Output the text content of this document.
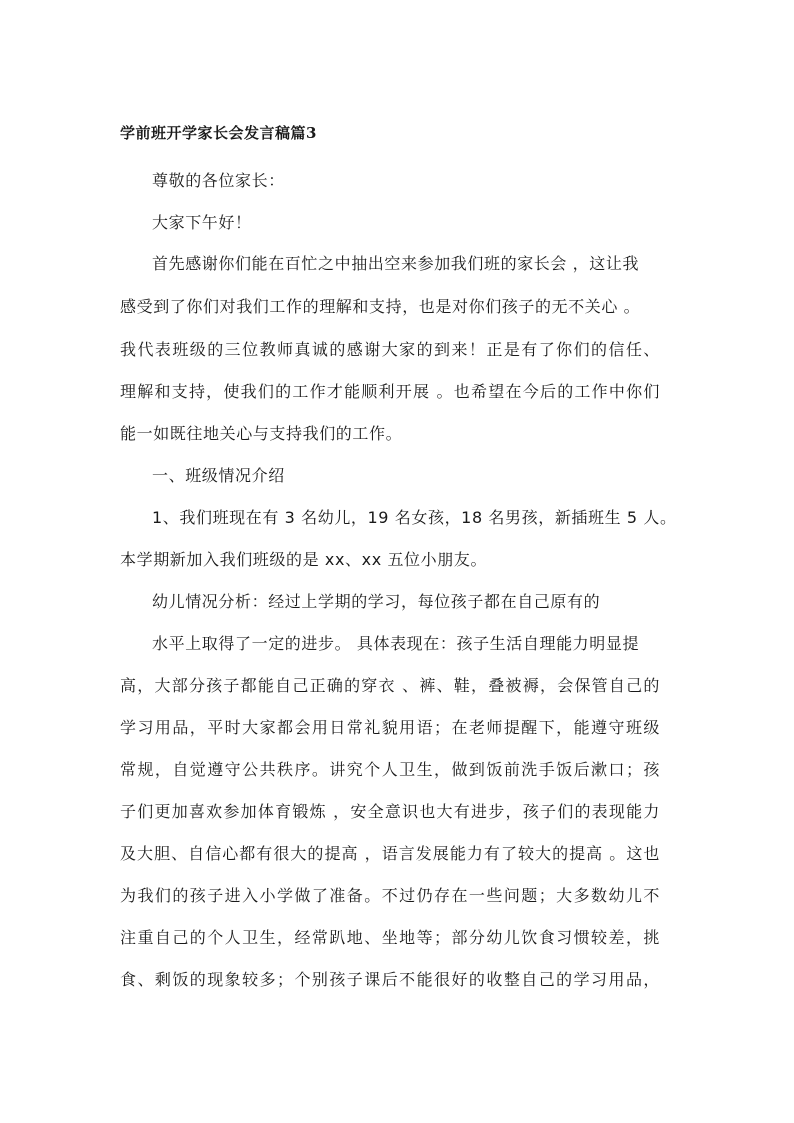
学前班开学家长会发言稿篇3
尊敬的各位家长：
大家下午好！
首先感谢你们能在百忙之中抽出空来参加我们班的家长会 ，这让我
感受到了你们对我们工作的理解和支持，也是对你们孩子的无不关心 。
我代表班级的三位教师真诚的感谢大家的到来！正是有了你们的信任、
理解和支持，使我们的工作才能顺利开展 。也希望在今后的工作中你们
能一如既往地关心与支持我们的工作。
一、班级情况介绍
1、我们班现在有 3 名幼儿，19 名女孩，18 名男孩，新插班生 5 人。
本学期新加入我们班级的是 xx、xx 五位小朋友。
幼儿情况分析：经过上学期的学习，每位孩子都在自己原有的
水平上取得了一定的进步。 具体表现在：孩子生活自理能力明显提
高，大部分孩子都能自己正确的穿衣 、裤、鞋，叠被褥，会保管自己的
学习用品，平时大家都会用日常礼貌用语；在老师提醒下，能遵守班级
常规，自觉遵守公共秩序。讲究个人卫生，做到饭前洗手饭后漱口；孩
子们更加喜欢参加体育锻炼 ，安全意识也大有进步，孩子们的表现能力
及大胆、自信心都有很大的提高 ，语言发展能力有了较大的提高 。这也
为我们的孩子进入小学做了准备。不过仍存在一些问题；大多数幼儿不
注重自己的个人卫生，经常趴地、坐地等；部分幼儿饮食习惯较差，挑
食、剩饭的现象较多；个别孩子课后不能很好的收整自己的学习用品，
